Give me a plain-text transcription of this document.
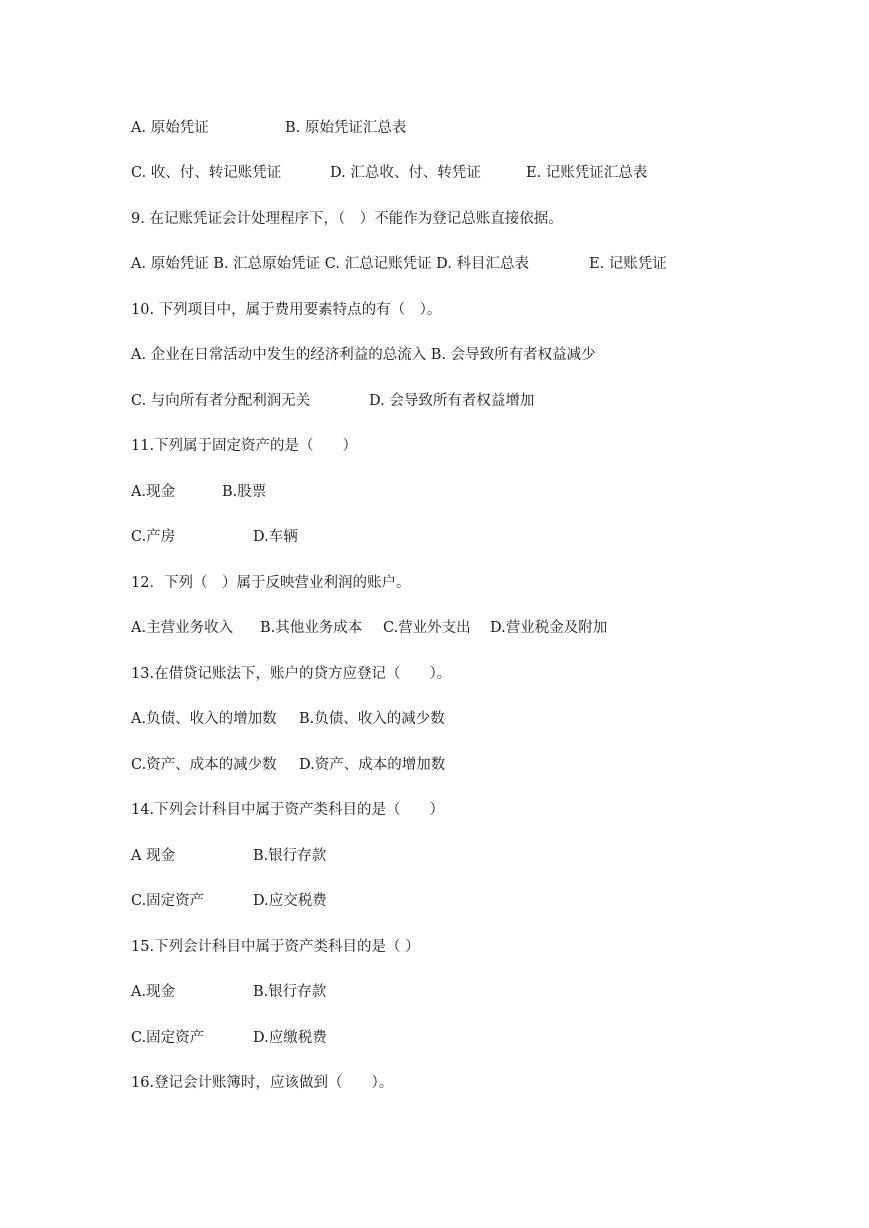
A. 原始凭证	B. 原始凭证汇总表
C. 收、付、转记账凭证	D. 汇总收、付、转凭证	E. 记账凭证汇总表
9. 在记账凭证会计处理程序下，（　）不能作为登记总账直接依据。
A. 原始凭证 B. 汇总原始凭证 C. 汇总记账凭证 D. 科目汇总表	E. 记账凭证
10. 下列项目中，属于费用要素特点的有（　）。
A. 企业在日常活动中发生的经济利益的总流入 B. 会导致所有者权益减少
C. 与向所有者分配利润无关	D. 会导致所有者权益增加
11.下列属于固定资产的是（　　）
A.现金	B.股票
C.产房	D.车辆
12．下列（　）属于反映营业利润的账户。
A.主营业务收入 B.其他业务成本 C.营业外支出 D.营业税金及附加
13.在借贷记账法下，账户的贷方应登记（　　）。
A.负债、收入的增加数 B.负债、收入的减少数
C.资产、成本的减少数 D.资产、成本的增加数
14.下列会计科目中属于资产类科目的是（　　）
A 现金	B.银行存款
C.固定资产	D.应交税费
15.下列会计科目中属于资产类科目的是（ ）
A.现金	B.银行存款
C.固定资产	D.应缴税费
16.登记会计账簿时，应该做到（　　）。
